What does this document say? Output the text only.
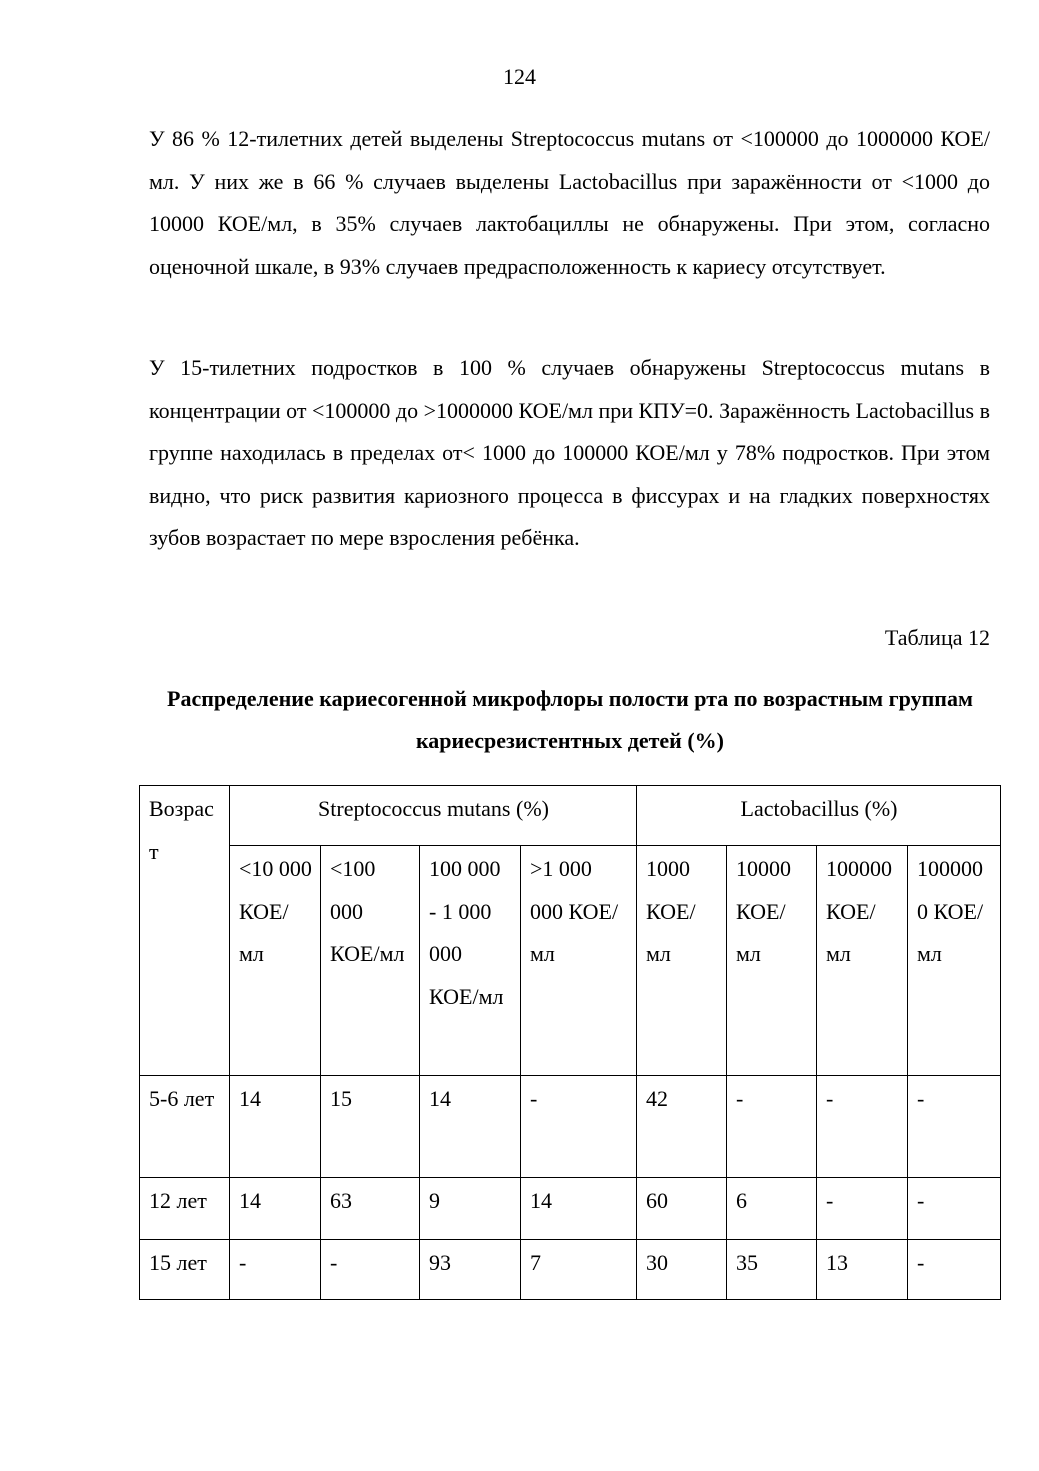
124

У 86 % 12-тилетних детей выделены Streptococcus mutans от <100000 до 1000000 КОЕ/мл. У них же в 66 % случаев выделены Lactobacillus при заражённости от <1000 до 10000 КОЕ/мл, в 35% случаев лактобациллы не обнаружены. При этом, согласно оценочной шкале, в 93% случаев предрасположенность к кариесу отсутствует.

У 15-тилетних подростков в 100 % случаев обнаружены Streptococcus mutans в концентрации от <100000 до >1000000 КОЕ/мл при КПУ=0. Заражённость Lactobacillus в группе находилась в пределах от< 1000 до 100000 КОЕ/мл у 78% подростков. При этом видно, что риск развития кариозного процесса в фиссурах и на гладких поверхностях зубов возрастает по мере взросления ребёнка.

Таблица 12

Распределение кариесогенной микрофлоры полости рта по возрастным группам кариесрезистентных детей (%)

Возраст	Streptococcus mutans (%)				Lactobacillus (%)			
	<10 000 КОЕ/мл	<100 000 КОЕ/мл	100 000 - 1 000 000 КОЕ/мл	>1 000 000 КОЕ/мл	1000 КОЕ/мл	10000 КОЕ/мл	100000 КОЕ/мл	1000000 КОЕ/мл

5-6 лет	14	15	14	-	42	-	-	-
12 лет	14	63	9	14	60	6	-	-
15 лет	-	-	93	7	30	35	13	-
